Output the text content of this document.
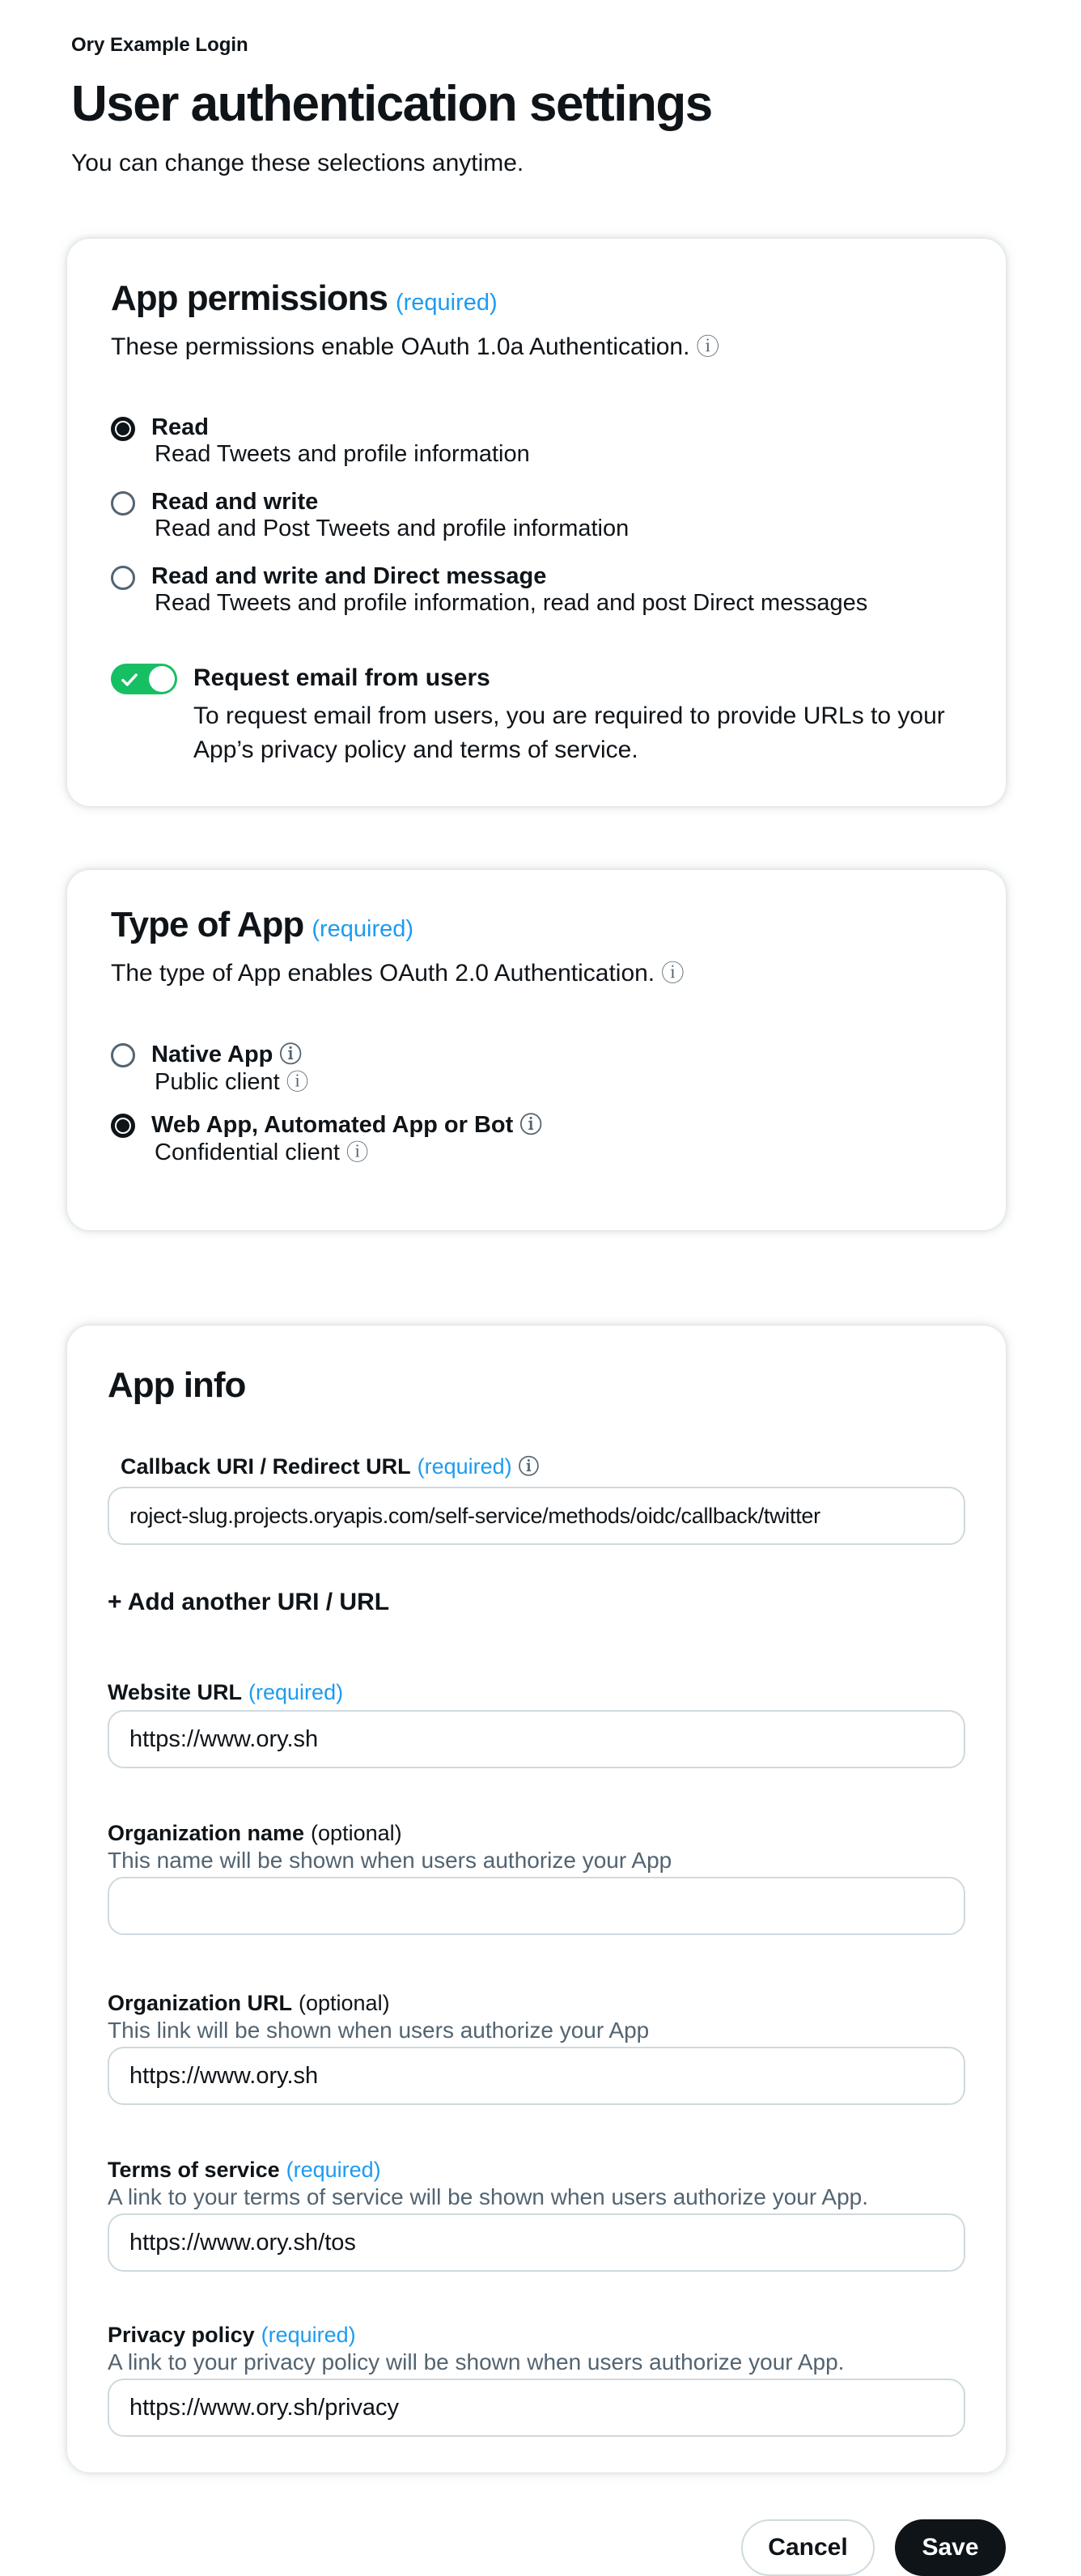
Ory Example Login
User authentication settings
You can change these selections anytime.
App permissions (required)
These permissions enable OAuth 1.0a Authentication. ⓘ
Read
Read Tweets and profile information
Read and write
Read and Post Tweets and profile information
Read and write and Direct message
Read Tweets and profile information, read and post Direct messages
Request email from users
To request email from users, you are required to provide URLs to your App’s privacy policy and terms of service.
Type of App (required)
The type of App enables OAuth 2.0 Authentication. ⓘ
Native App ⓘ
Public client ⓘ
Web App, Automated App or Bot ⓘ
Confidential client ⓘ
App info
Callback URI / Redirect URL (required) ⓘ
roject-slug.projects.oryapis.com/self-service/methods/oidc/callback/twitter
+ Add another URI / URL
Website URL (required)
https://www.ory.sh
Organization name (optional)
This name will be shown when users authorize your App
Organization URL (optional)
This link will be shown when users authorize your App
https://www.ory.sh
Terms of service (required)
A link to your terms of service will be shown when users authorize your App.
https://www.ory.sh/tos
Privacy policy (required)
A link to your privacy policy will be shown when users authorize your App.
https://www.ory.sh/privacy
Cancel	Save
